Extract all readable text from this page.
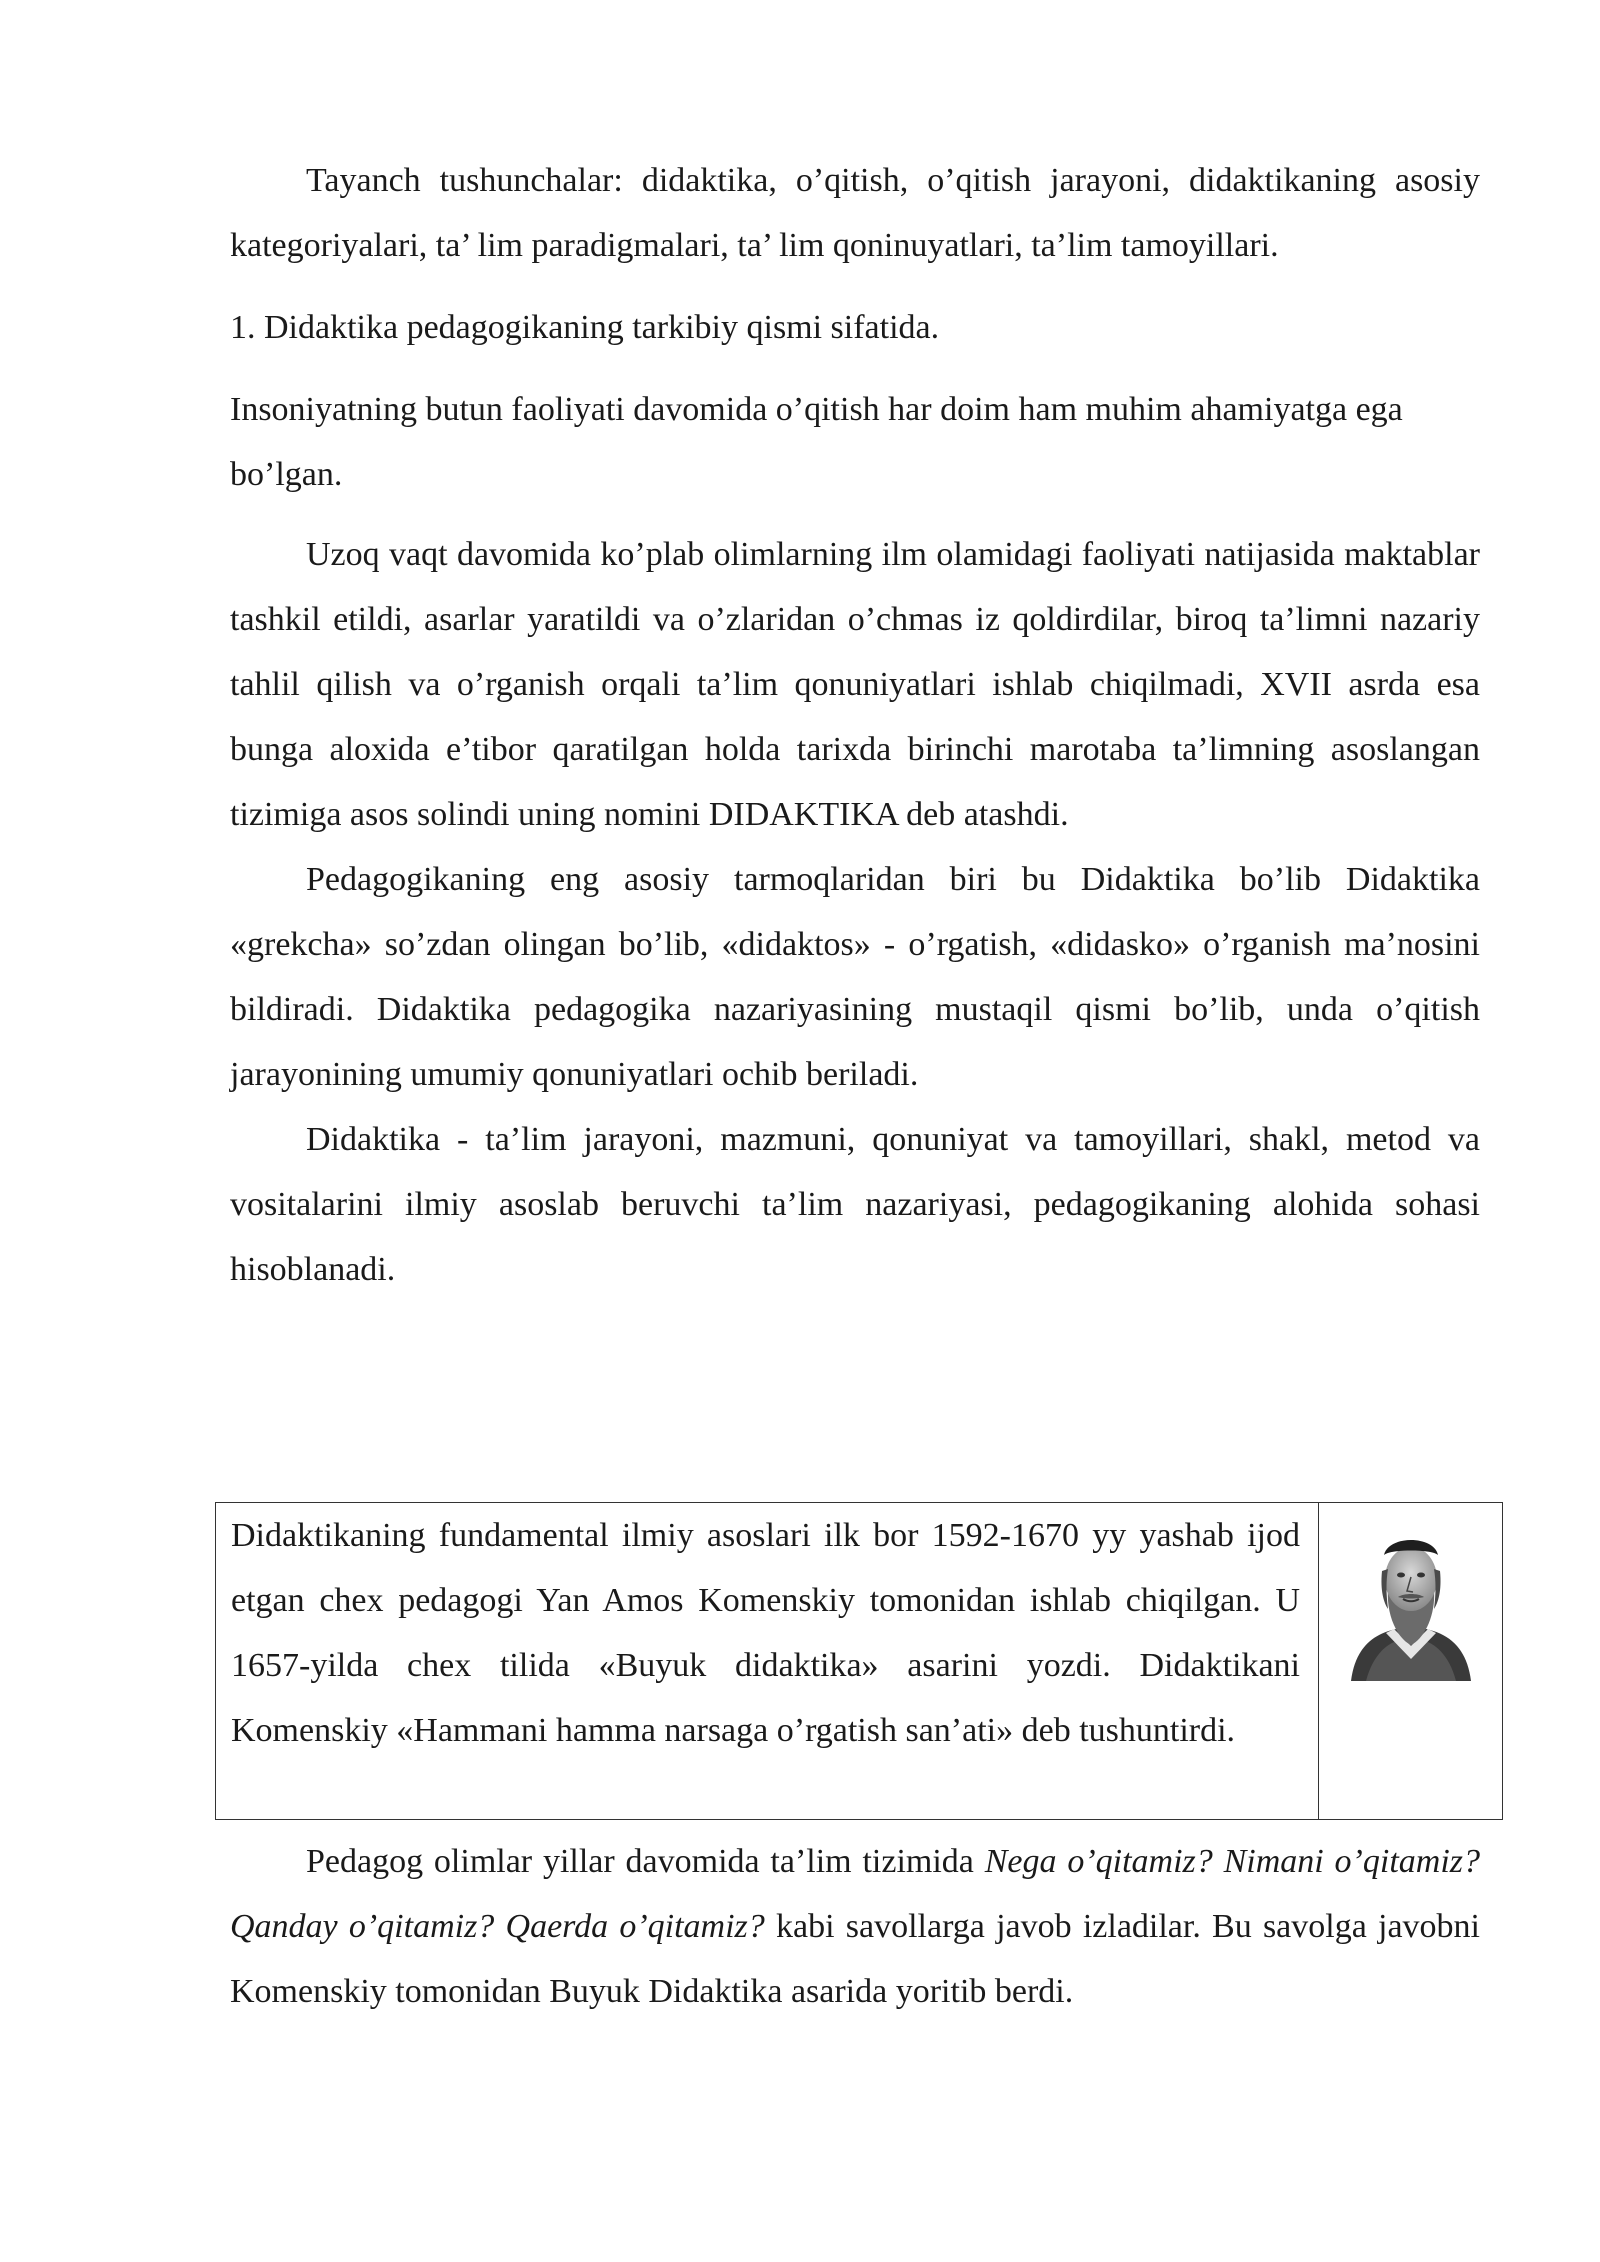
Tayanch tushunchalar: didaktika, o’qitish, o’qitish jarayoni, didaktikaning asosiy kategoriyalari, ta’ lim paradigmalari, ta’ lim qoninuyatlari, ta’lim tamoyillari.

1. Didaktika pedagogikaning tarkibiy qismi sifatida.

Insoniyatning butun faoliyati davomida o’qitish har doim ham muhim ahamiyatga ega bo’lgan.

Uzoq vaqt davomida ko’plab olimlarning ilm olamidagi faoliyati natijasida maktablar tashkil etildi, asarlar yaratildi va o’zlaridan o’chmas iz qoldirdilar, biroq ta’limni nazariy tahlil qilish va o’rganish orqali ta’lim qonuniyatlari ishlab chiqilmadi, XVII asrda esa bunga aloxida e’tibor qaratilgan holda tarixda birinchi marotaba ta’limning asoslangan tizimiga asos solindi uning nomini DIDAKTIKA deb atashdi.

Pedagogikaning eng asosiy tarmoqlaridan biri bu Didaktika bo’lib Didaktika «grekcha» so’zdan olingan bo’lib, «didaktos» - o’rgatish, «didasko» o’rganish ma’nosini bildiradi. Didaktika pedagogika nazariyasining mustaqil qismi bo’lib, unda o’qitish jarayonining umumiy qonuniyatlari ochib beriladi.

Didaktika - ta’lim jarayoni, mazmuni, qonuniyat va tamoyillari, shakl, metod va vositalarini ilmiy asoslab beruvchi ta’lim nazariyasi, pedagogikaning alohida sohasi hisoblanadi.

Didaktikaning fundamental ilmiy asoslari ilk bor 1592-1670 yy yashab ijod etgan chex pedagogi Yan Amos Komenskiy tomonidan ishlab chiqilgan. U 1657-yilda chex tilida «Buyuk didaktika» asarini yozdi. Didaktikani Komenskiy «Hammani hamma narsaga o’rgatish san’ati» deb tushuntirdi.

Pedagog olimlar yillar davomida ta’lim tizimida Nega o’qitamiz? Nimani o’qitamiz? Qanday o’qitamiz? Qaerda o’qitamiz? kabi savollarga javob izladilar. Bu savolga javobni Komenskiy tomonidan Buyuk Didaktika asarida yoritib berdi.
